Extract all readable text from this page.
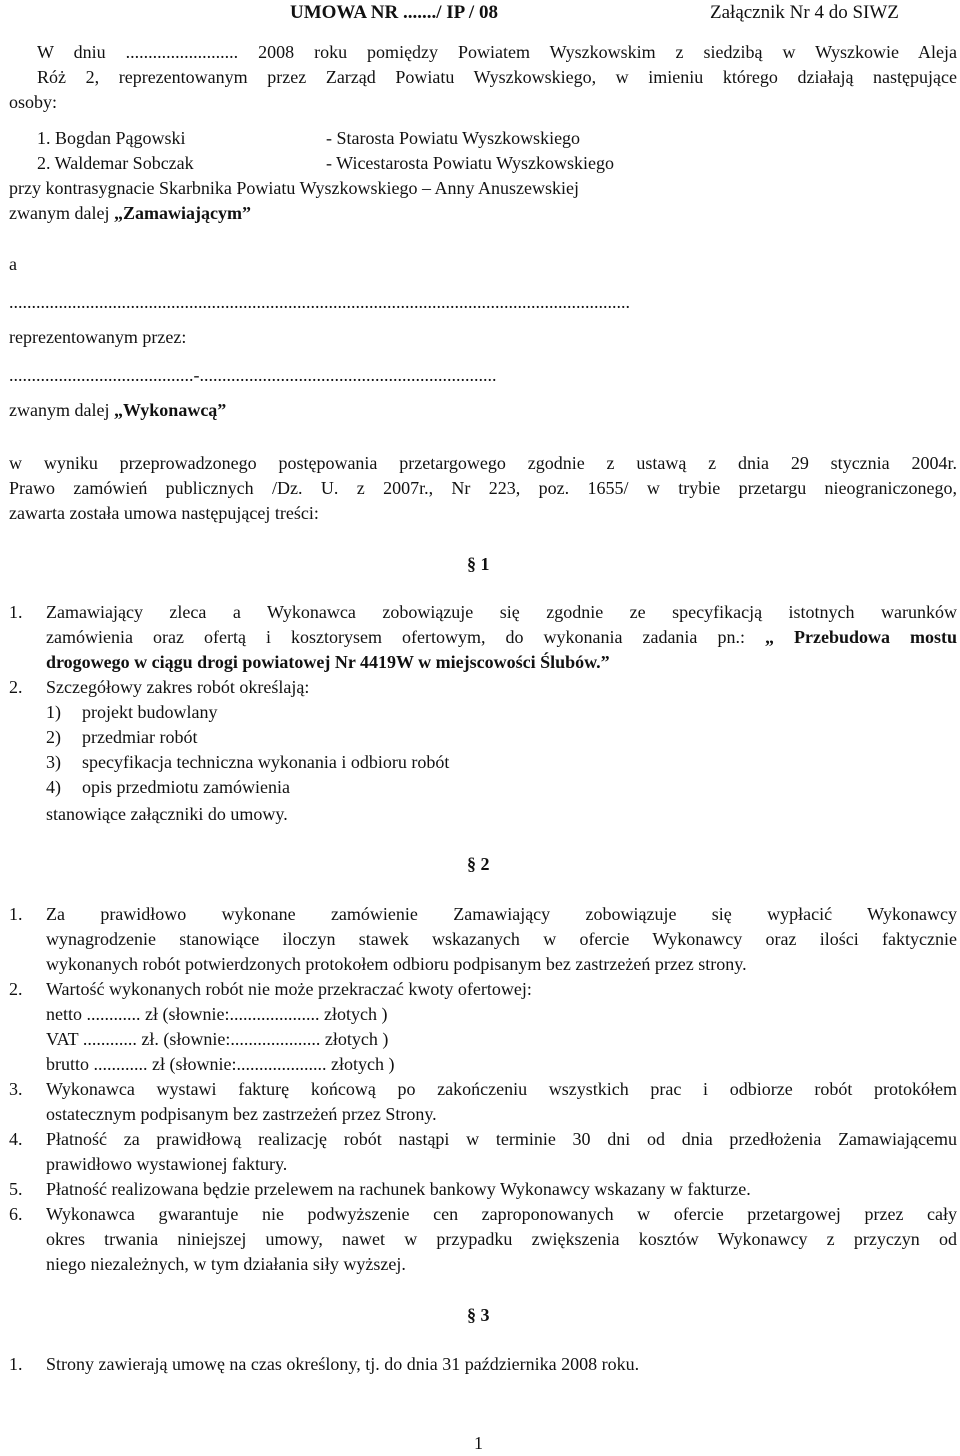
UMOWA NR ......./ IP / 08	Załącznik Nr 4 do SIWZ
W dniu ......................... 2008 roku pomiędzy Powiatem Wyszkowskim z siedzibą w Wyszkowie Aleja
Róż 2, reprezentowanym przez Zarząd Powiatu Wyszkowskiego, w imieniu którego działają następujące
osoby:
1. Bogdan Pągowski	- Starosta Powiatu Wyszkowskiego
2. Waldemar Sobczak	- Wicestarosta Powiatu Wyszkowskiego
przy kontrasygnacie Skarbnika Powiatu Wyszkowskiego – Anny Anuszewskiej
zwanym dalej „Zamawiającym”
a
..........................................................................................................................................
reprezentowanym przez:
.........................................-..................................................................
zwanym dalej „Wykonawcą”
w wyniku przeprowadzonego postępowania przetargowego zgodnie z ustawą z dnia 29 stycznia 2004r.
Prawo zamówień publicznych /Dz. U. z 2007r., Nr 223, poz. 1655/ w trybie przetargu nieograniczonego,
zawarta została umowa następującej treści:
§ 1
1. Zamawiający zleca a Wykonawca zobowiązuje się zgodnie ze specyfikacją istotnych warunków
zamówienia oraz ofertą i kosztorysem ofertowym, do wykonania zadania pn.: „ Przebudowa mostu
drogowego w ciągu drogi powiatowej Nr 4419W w miejscowości Ślubów.”
2. Szczegółowy zakres robót określają:
1) projekt budowlany
2) przedmiar robót
3) specyfikacja techniczna wykonania i odbioru robót
4) opis przedmiotu zamówienia
stanowiące załączniki do umowy.
§ 2
1. Za prawidłowo wykonane zamówienie Zamawiający zobowiązuje się wypłacić Wykonawcy
wynagrodzenie stanowiące iloczyn stawek wskazanych w ofercie Wykonawcy oraz ilości faktycznie
wykonanych robót potwierdzonych protokołem odbioru podpisanym bez zastrzeżeń przez strony.
2. Wartość wykonanych robót nie może przekraczać kwoty ofertowej:
netto ............ zł (słownie:.................... złotych )
VAT ............ zł. (słownie:.................... złotych )
brutto ............ zł (słownie:.................... złotych )
3. Wykonawca wystawi fakturę końcową po zakończeniu wszystkich prac i odbiorze robót protokółem
ostatecznym podpisanym bez zastrzeżeń przez Strony.
4. Płatność za prawidłową realizację robót nastąpi w terminie 30 dni od dnia przedłożenia Zamawiającemu
prawidłowo wystawionej faktury.
5. Płatność realizowana będzie przelewem na rachunek bankowy Wykonawcy wskazany w fakturze.
6. Wykonawca gwarantuje nie podwyższenie cen zaproponowanych w ofercie przetargowej przez cały
okres trwania niniejszej umowy, nawet w przypadku zwiększenia kosztów Wykonawcy z przyczyn od
niego niezależnych, w tym działania siły wyższej.
§ 3
1. Strony zawierają umowę na czas określony, tj. do dnia 31 października 2008 roku.
1
